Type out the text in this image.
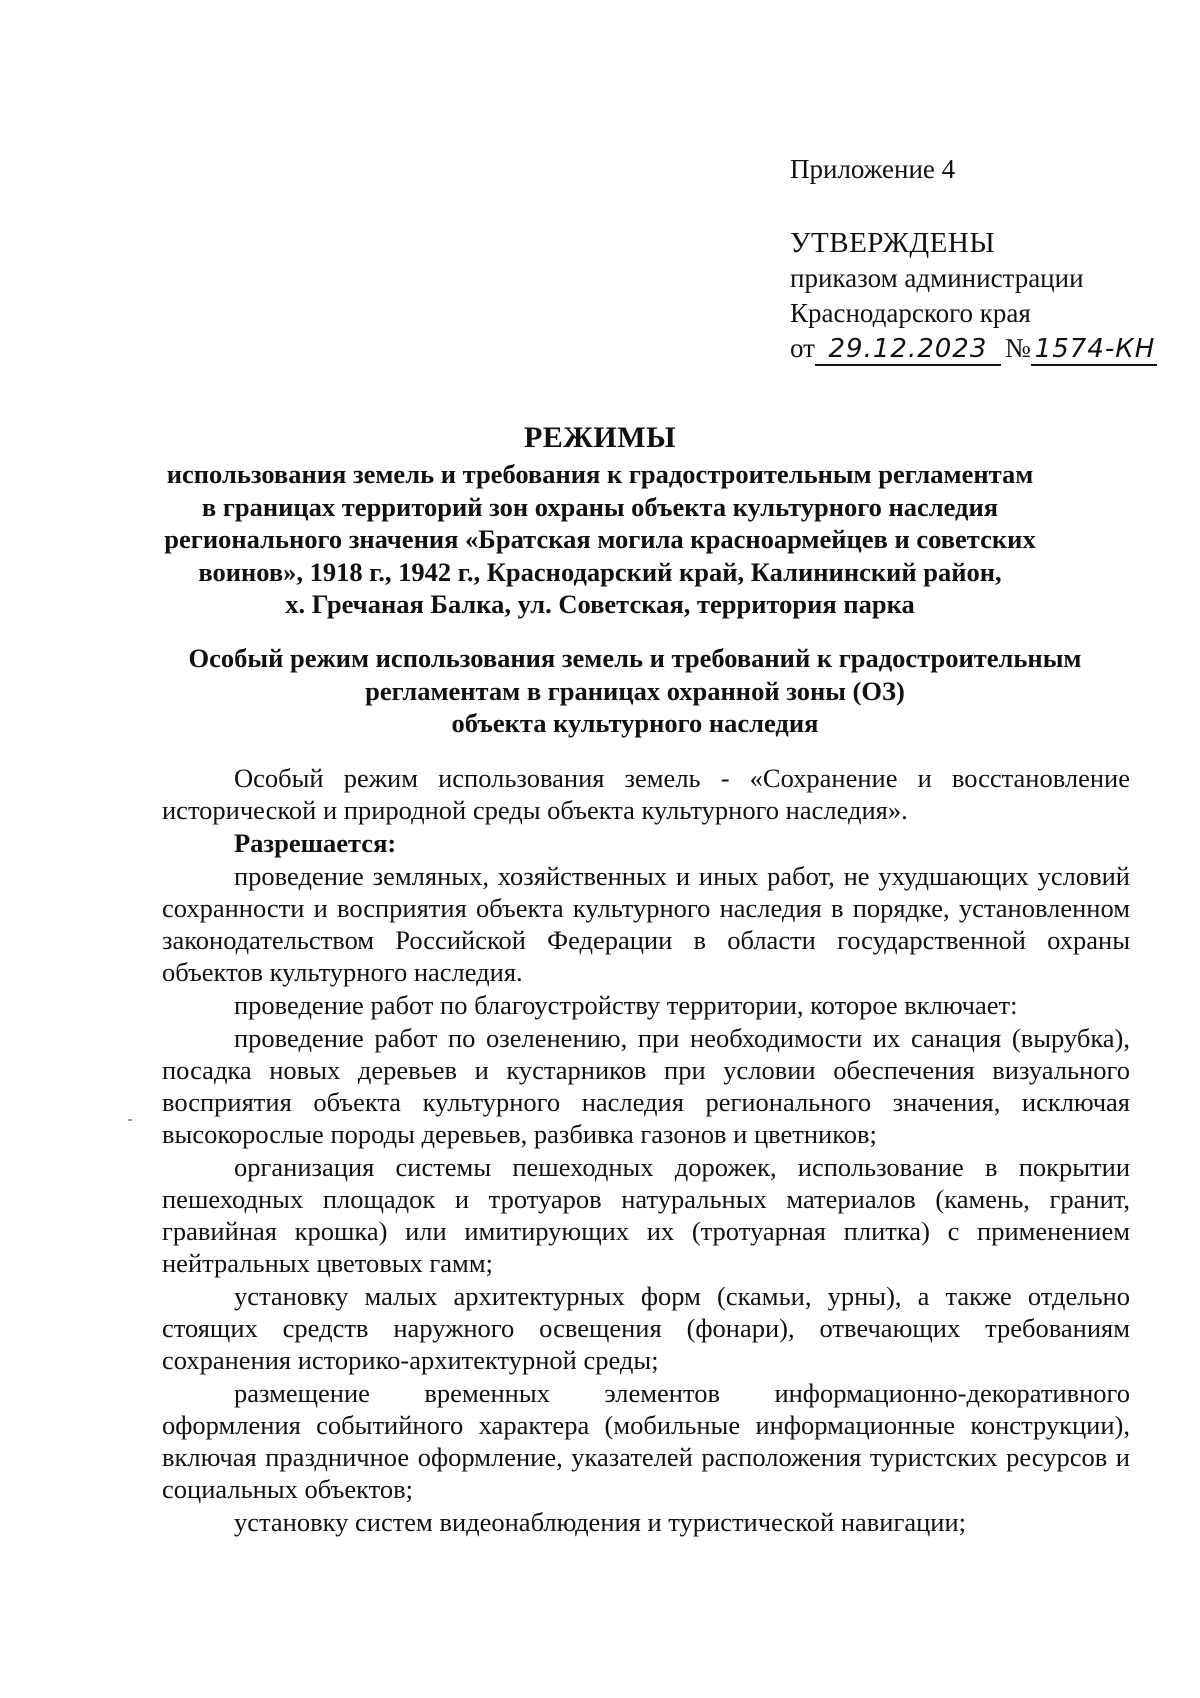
Приложение 4
УТВЕРЖДЕНЫ
приказом администрации
Краснодарского края
от 29.12.2023 № 1574-КН
РЕЖИМЫ
использования земель и требования к градостроительным регламентам
в границах территорий зон охраны объекта культурного наследия
регионального значения «Братская могила красноармейцев и советских
воинов», 1918 г., 1942 г., Краснодарский край, Калининский район,
х. Гречаная Балка, ул. Советская, территория парка
Особый режим использования земель и требований к градостроительным
регламентам в границах охранной зоны (ОЗ)
объекта культурного наследия

Особый режим использования земель - «Сохранение и восстановление исторической и природной среды объекта культурного наследия».

Разрешается:

проведение земляных, хозяйственных и иных работ, не ухудшающих условий сохранности и восприятия объекта культурного наследия в порядке, установленном законодательством Российской Федерации в области государственной охраны объектов культурного наследия.

проведение работ по благоустройству территории, которое включает:

проведение работ по озеленению, при необходимости их санация (вырубка), посадка новых деревьев и кустарников при условии обеспечения визуального восприятия объекта культурного наследия регионального значения, исключая высокорослые породы деревьев, разбивка газонов и цветников;

организация системы пешеходных дорожек, использование в покрытии пешеходных площадок и тротуаров натуральных материалов (камень, гранит, гравийная крошка) или имитирующих их (тротуарная плитка) с применением нейтральных цветовых гамм;

установку малых архитектурных форм (скамьи, урны), а также отдельно стоящих средств наружного освещения (фонари), отвечающих требованиям сохранения историко-архитектурной среды;

размещение временных элементов информационно-декоративного оформления событийного характера (мобильные информационные конструкции), включая праздничное оформление, указателей расположения туристских ресурсов и социальных объектов;

установку систем видеонаблюдения и туристической навигации;
